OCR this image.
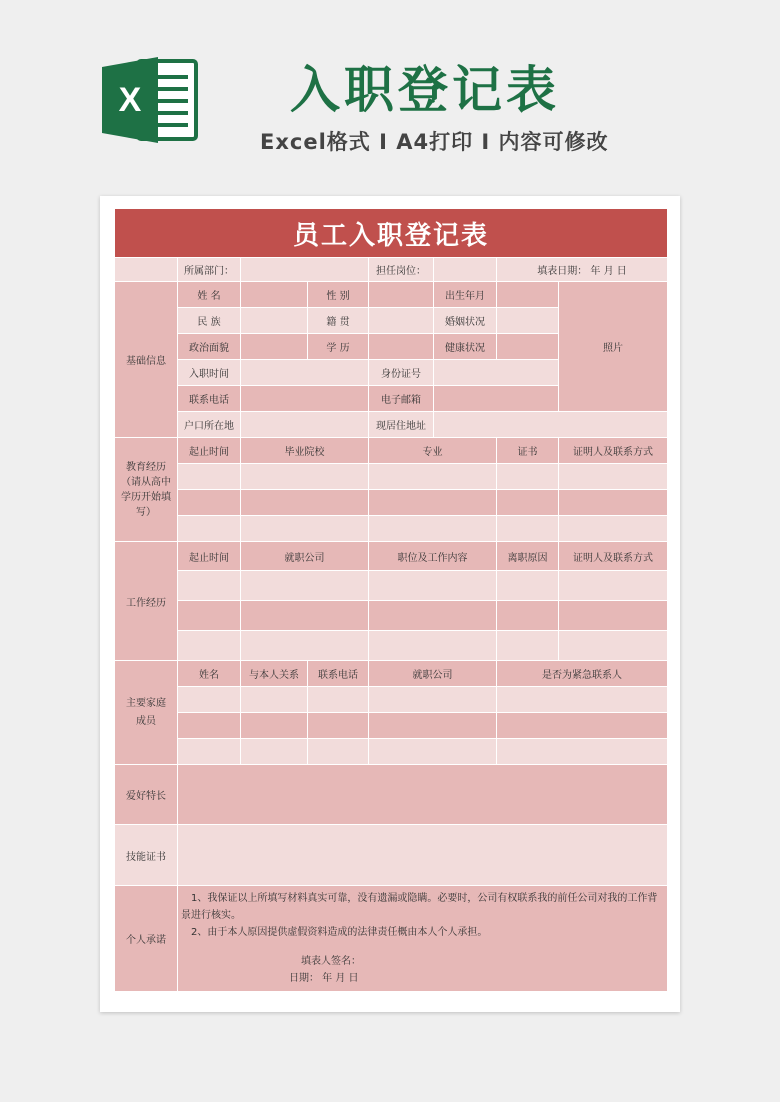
X	入职登记表
Excel格式 I A4打印 I 内容可修改
员工入职登记表							
	所属部门：			担任岗位：		填表日期： 年 月 日	
基础信息	姓 名		性 别		出生年月		照片
	民 族		籍 贯		婚姻状况		
	政治面貌		学 历		健康状况		
	入职时间			身份证号			
	联系电话			电子邮箱			
	户口所在地			现居住地址			
教育经历（请从高中学历开始填写）	起止时间	毕业院校		专业		证书	证明人及联系方式

工作经历	起止时间	就职公司		职位及工作内容		离职原因	证明人及联系方式

主要家庭成员	姓名	与本人关系	联系电话	就职公司		是否为紧急联系人	

爱好特长							
技能证书							
个人承诺	1、我保证以上所填写材料真实可靠，没有遗漏或隐瞒。必要时，公司有权联系我的前任公司对我的工作背景进行核实。
2、由于本人原因提供虚假资料造成的法律责任概由本人个人承担。
填表人签名：
日期： 年 月 日						
